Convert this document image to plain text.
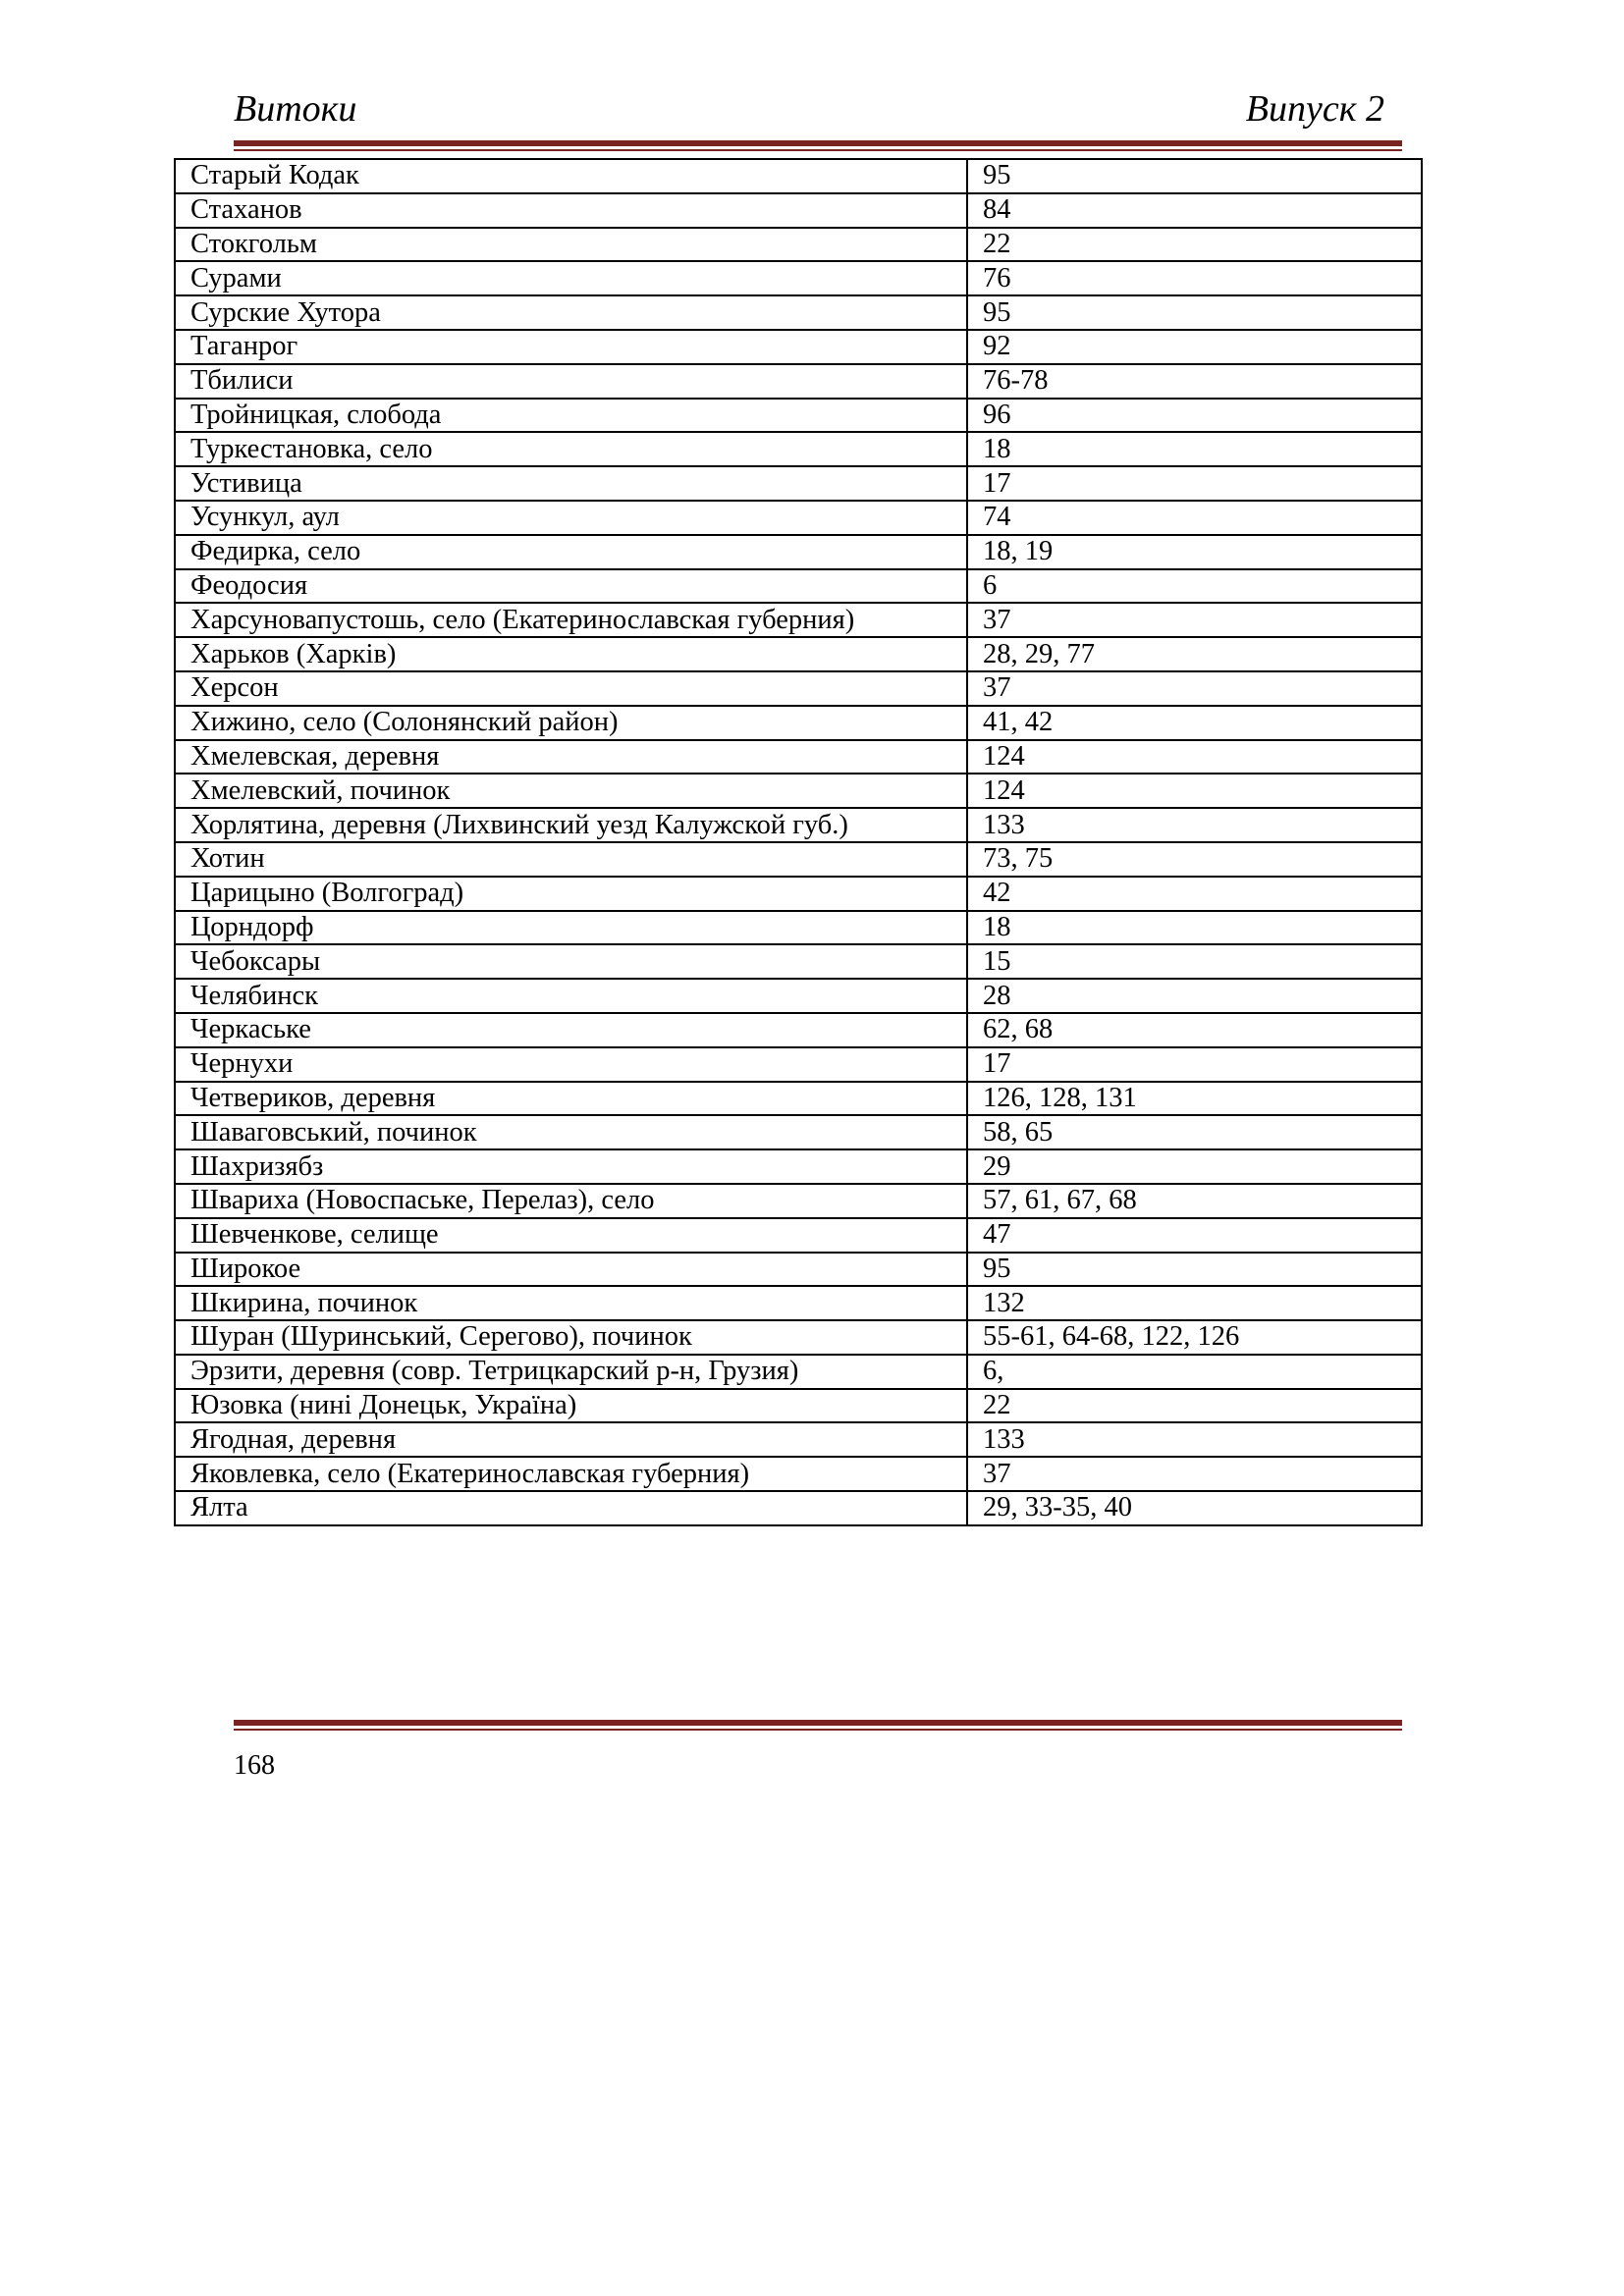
Витоки	Випуск 2
Старый Кодак	95
Стаханов	84
Стокгольм	22
Сурами	76
Сурские Хутора	95
Таганрог	92
Тбилиси	76-78
Тройницкая, слобода	96
Туркестановка, село	18
Устивица	17
Усункул, аул	74
Федирка, село	18, 19
Феодосия	6
Харсуновапустошь, село (Екатеринославская губерния)	37
Харьков (Харків)	28, 29, 77
Херсон	37
Хижино, село (Солонянский район)	41, 42
Хмелевская, деревня	124
Хмелевский, починок	124
Хорлятина, деревня (Лихвинский уезд Калужской губ.)	133
Хотин	73, 75
Царицыно (Волгоград)	42
Цорндорф	18
Чебоксары	15
Челябинск	28
Черкаське	62, 68
Чернухи	17
Четвериков, деревня	126, 128, 131
Шаваговський, починок	58, 65
Шахризябз	29
Швариха (Новоспаське, Перелаз), село	57, 61, 67, 68
Шевченкове, селище	47
Широкое	95
Шкирина, починок	132
Шуран (Шуринський, Серегово), починок	55-61, 64-68, 122, 126
Эрзити, деревня (совр. Тетрицкарский р-н, Грузия)	6,
Юзовка (нині Донецьк, Україна)	22
Ягодная, деревня	133
Яковлевка, село (Екатеринославская губерния)	37
Ялта	29, 33-35, 40
168
